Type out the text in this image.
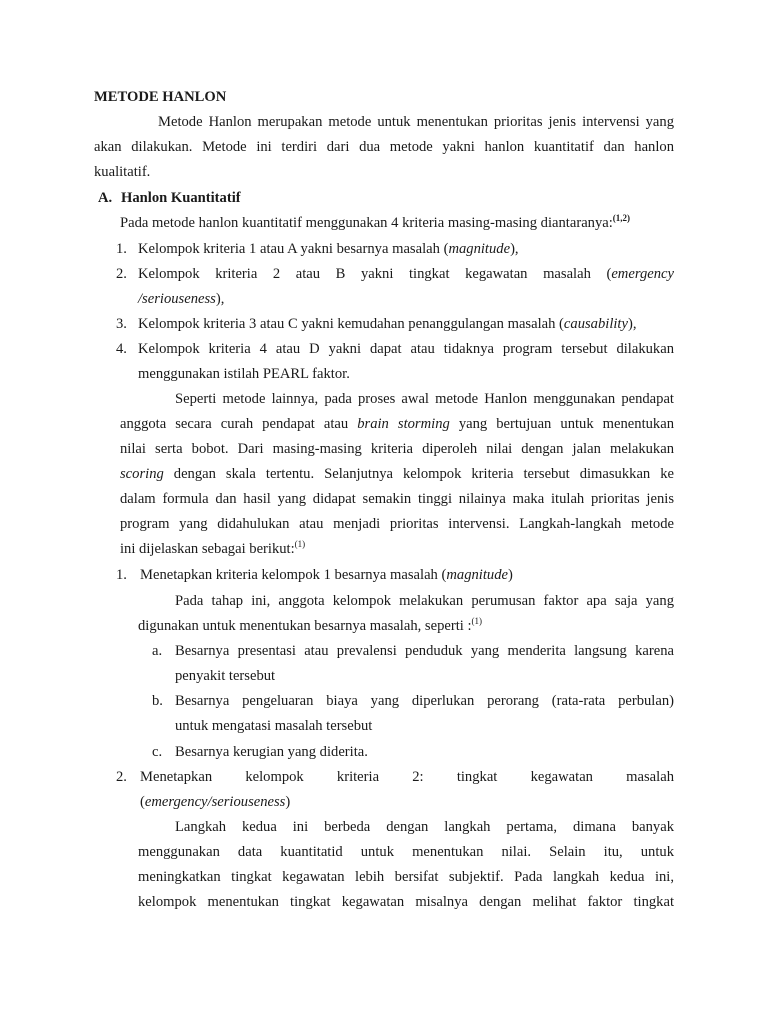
METODE HANLON
Metode Hanlon merupakan metode untuk menentukan prioritas jenis intervensi yang
akan dilakukan. Metode ini terdiri dari dua metode yakni hanlon kuantitatif dan hanlon
kualitatif.
A. Hanlon Kuantitatif
Pada metode hanlon kuantitatif menggunakan 4 kriteria masing-masing diantaranya:$^{(1,2)}$
1. Kelompok kriteria 1 atau A yakni besarnya masalah (magnitude),
2. Kelompok kriteria 2 atau B yakni tingkat kegawatan masalah (emergency
/seriouseness),
3. Kelompok kriteria 3 atau C yakni kemudahan penanggulangan masalah (causability),
4. Kelompok kriteria 4 atau D yakni dapat atau tidaknya program tersebut dilakukan
menggunakan istilah PEARL faktor.
Seperti metode lainnya, pada proses awal metode Hanlon menggunakan pendapat
anggota secara curah pendapat atau brain storming yang bertujuan untuk menentukan
nilai serta bobot. Dari masing-masing kriteria diperoleh nilai dengan jalan melakukan
scoring dengan skala tertentu. Selanjutnya kelompok kriteria tersebut dimasukkan ke
dalam formula dan hasil yang didapat semakin tinggi nilainya maka itulah prioritas jenis
program yang didahulukan atau menjadi prioritas intervensi. Langkah-langkah metode
ini dijelaskan sebagai berikut:$^{(1)}$
1. Menetapkan kriteria kelompok 1 besarnya masalah (magnitude)
Pada tahap ini, anggota kelompok melakukan perumusan faktor apa saja yang
digunakan untuk menentukan besarnya masalah, seperti :$^{(1)}$
a. Besarnya presentasi atau prevalensi penduduk yang menderita langsung karena
penyakit tersebut
b. Besarnya pengeluaran biaya yang diperlukan perorang (rata-rata perbulan)
untuk mengatasi masalah tersebut
c. Besarnya kerugian yang diderita.
2. Menetapkan kelompok kriteria 2: tingkat kegawatan masalah
(emergency/seriouseness)
Langkah kedua ini berbeda dengan langkah pertama, dimana banyak
menggunakan data kuantitatid untuk menentukan nilai. Selain itu, untuk
meningkatkan tingkat kegawatan lebih bersifat subjektif. Pada langkah kedua ini,
kelompok menentukan tingkat kegawatan misalnya dengan melihat faktor tingkat
